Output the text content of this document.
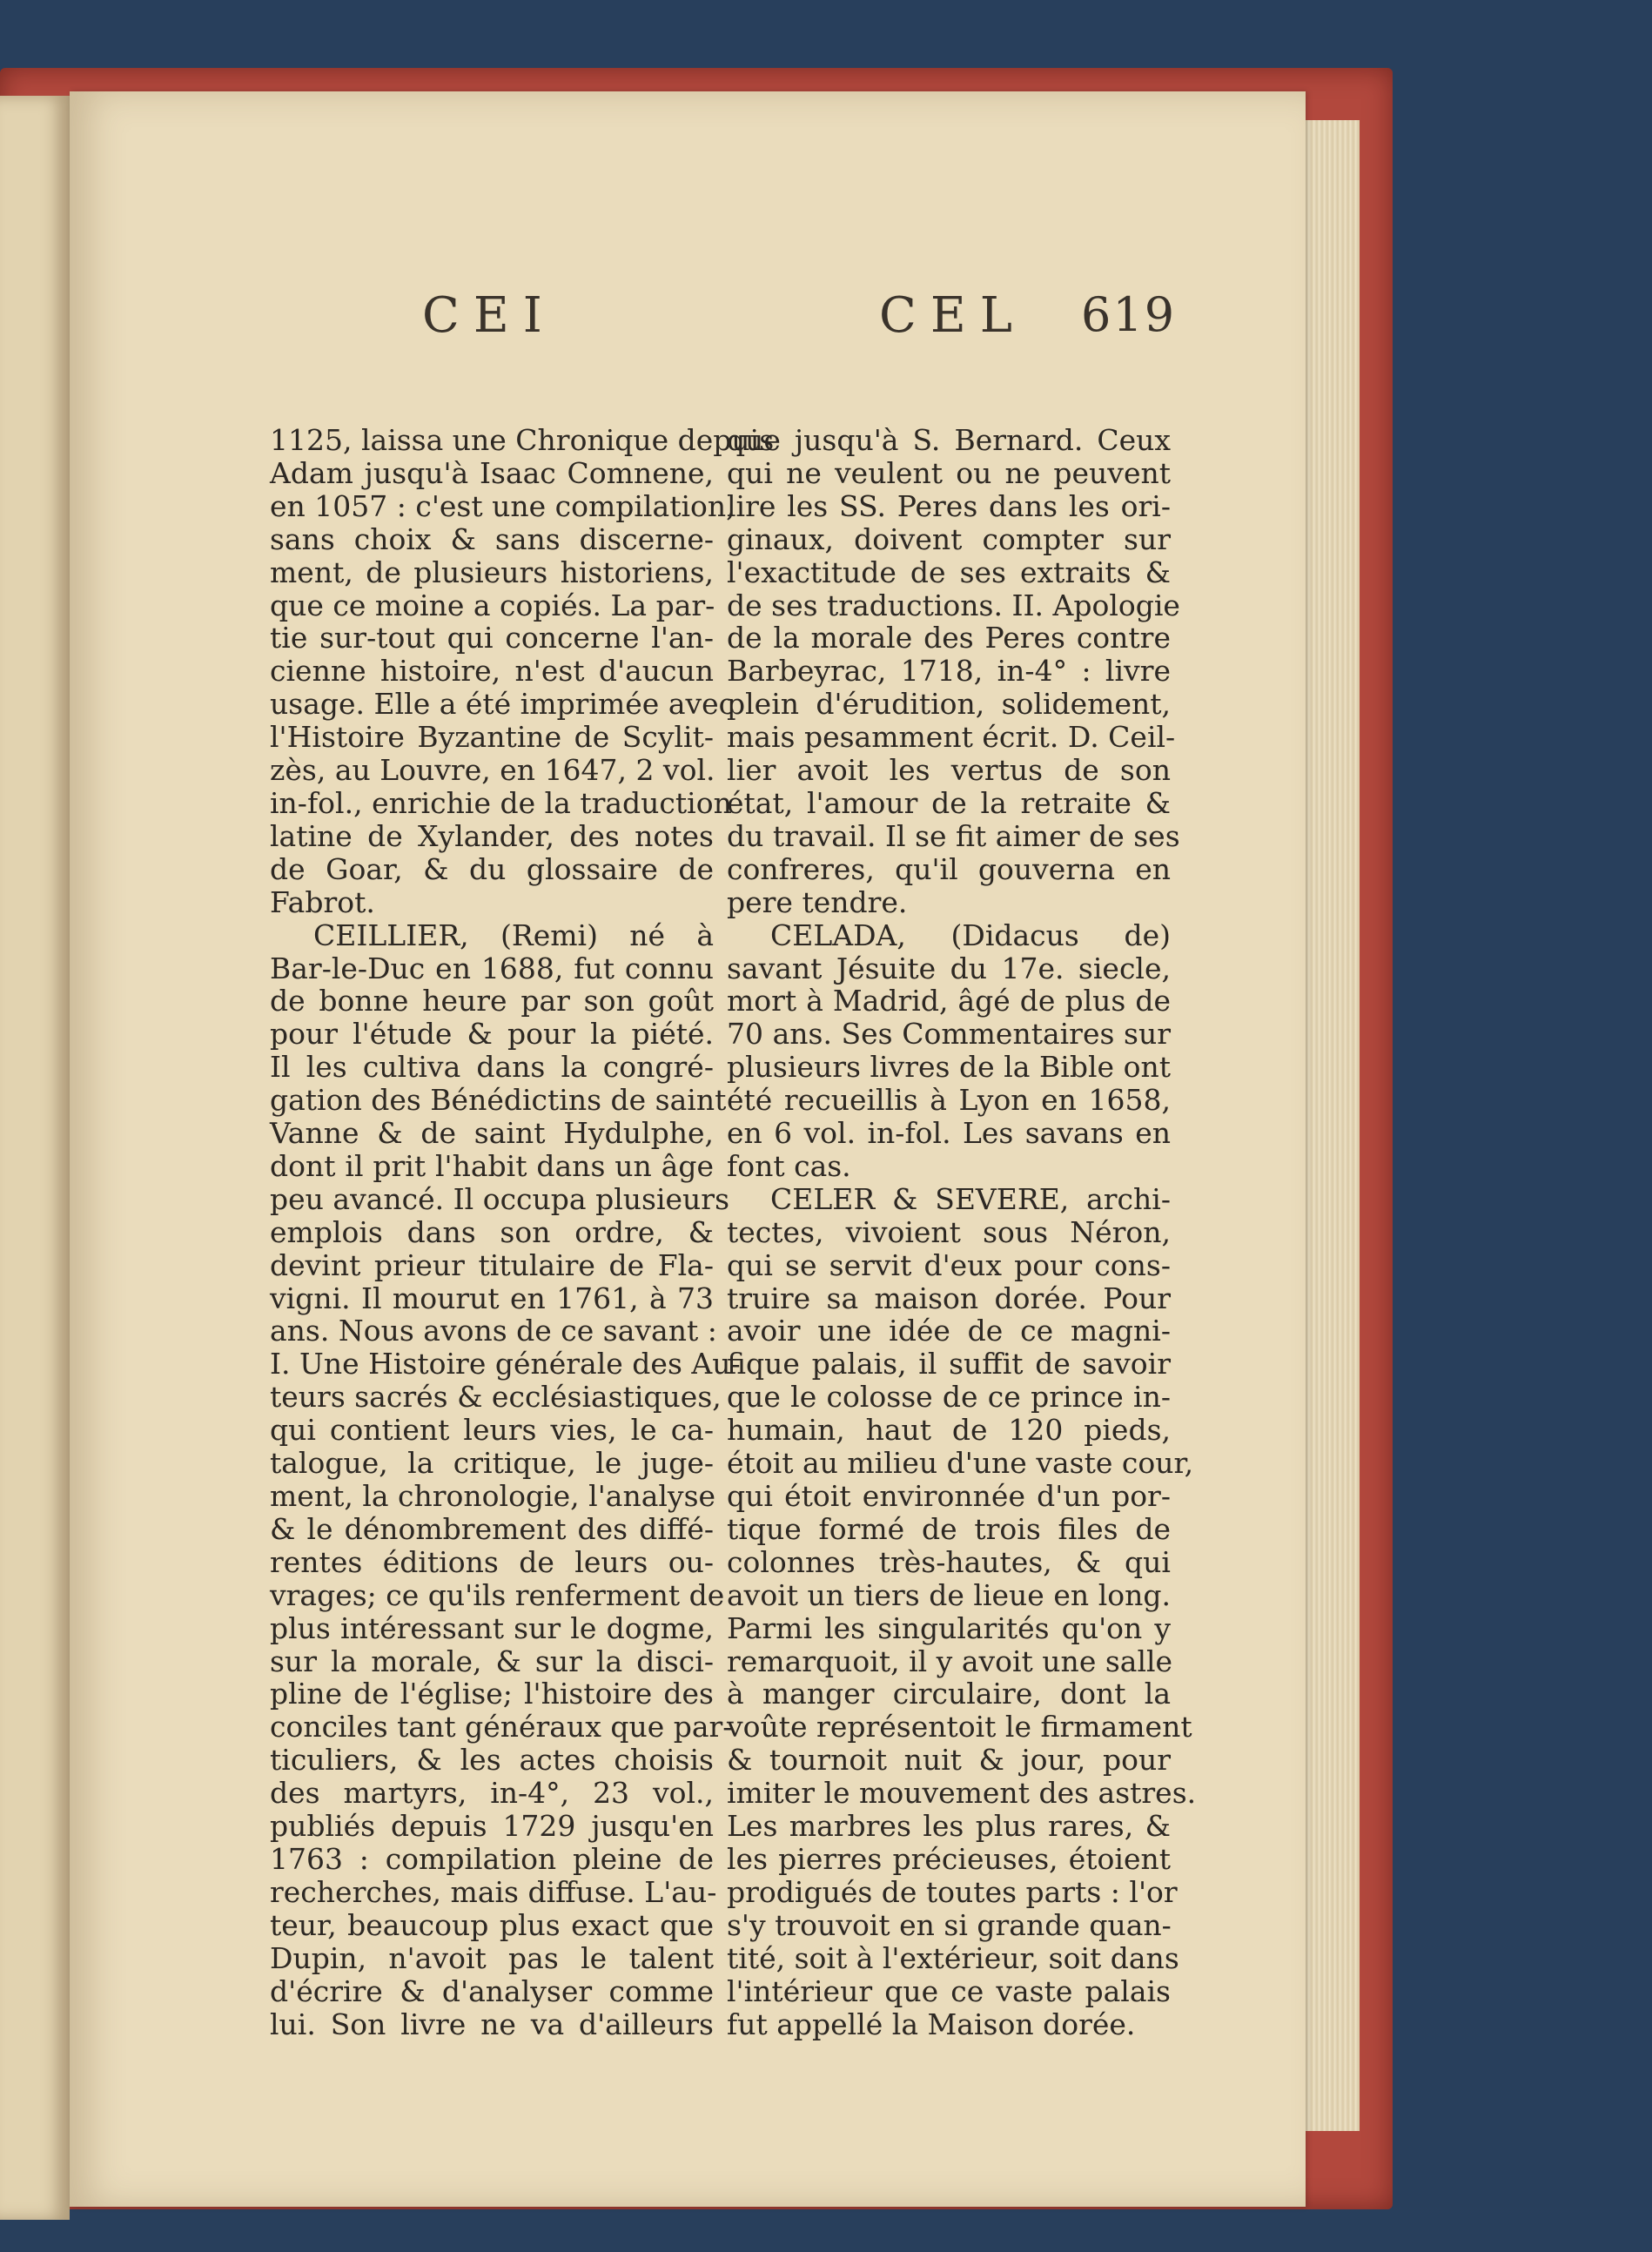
CEI	CEL 619
1125, laissa une Chronique depuis
Adam jusqu'à Isaac Comnene,
en 1057 : c'est une compilation,
sans choix & sans discerne-
ment, de plusieurs historiens,
que ce moine a copiés. La par-
tie sur-tout qui concerne l'an-
cienne histoire, n'est d'aucun
usage. Elle a été imprimée avec
l'Histoire Byzantine de Scylit-
zès, au Louvre, en 1647, 2 vol.
in-fol., enrichie de la traduction
latine de Xylander, des notes
de Goar, & du glossaire de
Fabrot.
CEILLIER, (Remi) né à
Bar-le-Duc en 1688, fut connu
de bonne heure par son goût
pour l'étude & pour la piété.
Il les cultiva dans la congré-
gation des Bénédictins de saint
Vanne & de saint Hydulphe,
dont il prit l'habit dans un âge
peu avancé. Il occupa plusieurs
emplois dans son ordre, &
devint prieur titulaire de Fla-
vigni. Il mourut en 1761, à 73
ans. Nous avons de ce savant :
I. Une Histoire générale des Au-
teurs sacrés & ecclésiastiques,
qui contient leurs vies, le ca-
talogue, la critique, le juge-
ment, la chronologie, l'analyse
& le dénombrement des diffé-
rentes éditions de leurs ou-
vrages; ce qu'ils renferment de
plus intéressant sur le dogme,
sur la morale, & sur la disci-
pline de l'église; l'histoire des
conciles tant généraux que par-
ticuliers, & les actes choisis
des martyrs, in-4°, 23 vol.,
publiés depuis 1729 jusqu'en
1763 : compilation pleine de
recherches, mais diffuse. L'au-
teur, beaucoup plus exact que
Dupin, n'avoit pas le talent
d'écrire & d'analyser comme
lui. Son livre ne va d'ailleurs
que jusqu'à S. Bernard. Ceux
qui ne veulent ou ne peuvent
lire les SS. Peres dans les ori-
ginaux, doivent compter sur
l'exactitude de ses extraits &
de ses traductions. II. Apologie
de la morale des Peres contre
Barbeyrac, 1718, in-4° : livre
plein d'érudition, solidement,
mais pesamment écrit. D. Ceil-
lier avoit les vertus de son
état, l'amour de la retraite &
du travail. Il se fit aimer de ses
confreres, qu'il gouverna en
pere tendre.
CELADA, (Didacus de)
savant Jésuite du 17e. siecle,
mort à Madrid, âgé de plus de
70 ans. Ses Commentaires sur
plusieurs livres de la Bible ont
été recueillis à Lyon en 1658,
en 6 vol. in-fol. Les savans en
font cas.
CELER & SEVERE, archi-
tectes, vivoient sous Néron,
qui se servit d'eux pour cons-
truire sa maison dorée. Pour
avoir une idée de ce magni-
fique palais, il suffit de savoir
que le colosse de ce prince in-
humain, haut de 120 pieds,
étoit au milieu d'une vaste cour,
qui étoit environnée d'un por-
tique formé de trois files de
colonnes très-hautes, & qui
avoit un tiers de lieue en long.
Parmi les singularités qu'on y
remarquoit, il y avoit une salle
à manger circulaire, dont la
voûte représentoit le firmament
& tournoit nuit & jour, pour
imiter le mouvement des astres.
Les marbres les plus rares, &
les pierres précieuses, étoient
prodigués de toutes parts : l'or
s'y trouvoit en si grande quan-
tité, soit à l'extérieur, soit dans
l'intérieur que ce vaste palais
fut appellé la Maison dorée.
